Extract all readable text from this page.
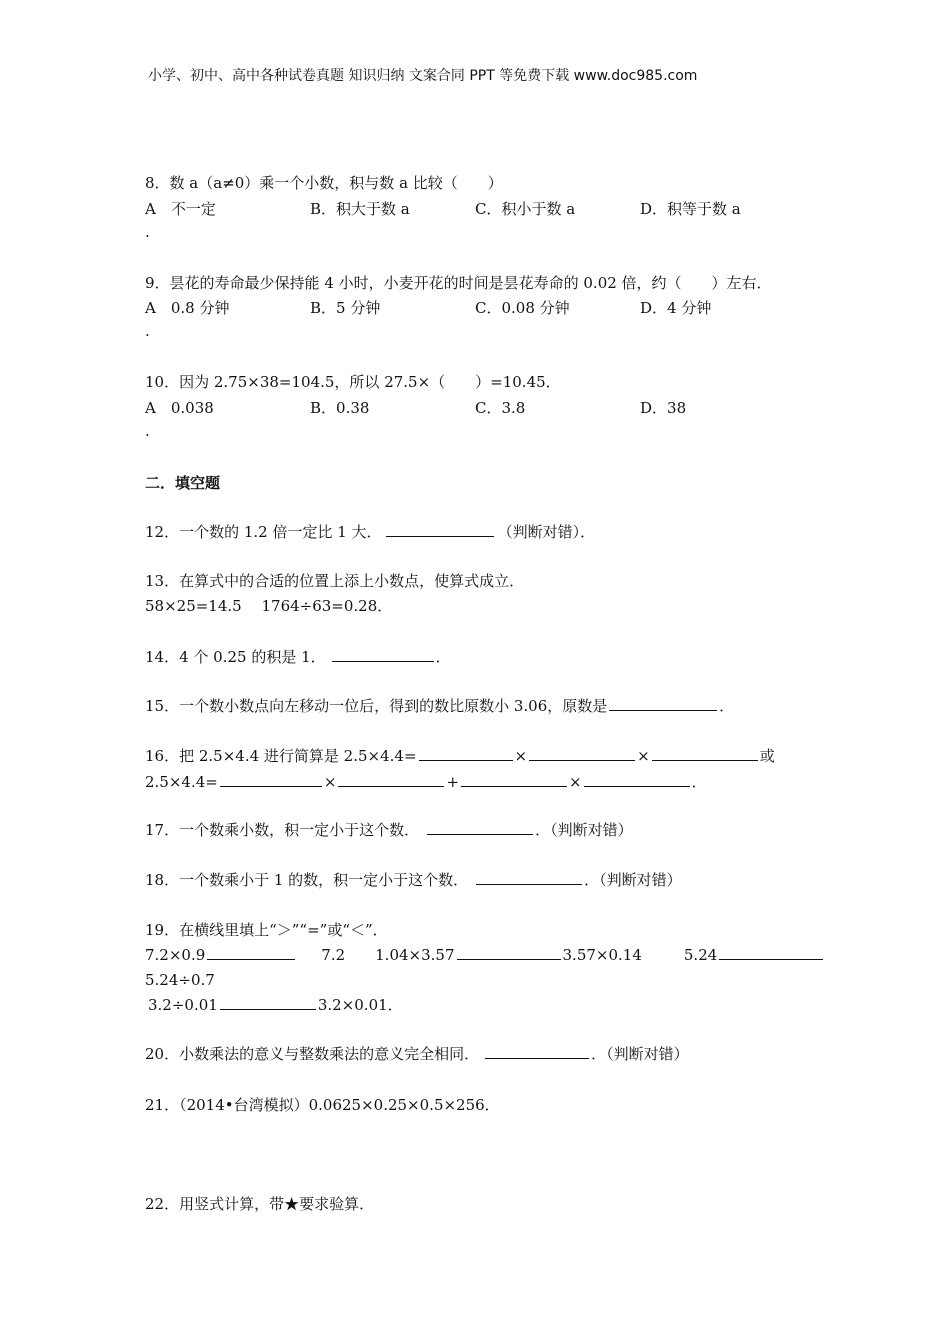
小学、初中、高中各种试卷真题 知识归纳 文案合同 PPT 等免费下载 www.doc985.com
8．数 a（a≠0）乘一个小数，积与数 a 比较（　　）
A　不一定	B．积大于数 a	C．积小于数 a	D．积等于数 a
.
9．昙花的寿命最少保持能 4 小时，小麦开花的时间是昙花寿命的 0.02 倍，约（　　）左右．
A　0.8 分钟	B．5 分钟	C．0.08 分钟	D．4 分钟
.
10．因为 2.75×38=104.5，所以 27.5×（　　）=10.45．
A　0.038	B．0.38	C．3.8	D．38
.
二．填空题
12．一个数的 1.2 倍一定比 1 大．	（判断对错）．
13．在算式中的合适的位置上添上小数点，使算式成立．
58×25=14.5　 1764÷63=0.28．
14．4 个 0.25 的积是 1．	．
15．一个数小数点向左移动一位后，得到的数比原数小 3.06，原数是	．
16．把 2.5×4.4 进行简算是 2.5×4.4=	×	×	或
2.5×4.4=	×	+	×	．
17．一个数乘小数，积一定小于这个数．	．（判断对错）
18．一个数乘小于 1 的数，积一定小于这个数．	．（判断对错）
19．在横线里填上“＞”“=”或“＜”．
7.2×0.9	7.2 1.04×3.57	3.57×0.14	5.24
5.24÷0.7
3.2÷0.01	3.2×0.01．
20．小数乘法的意义与整数乘法的意义完全相同．	．（判断对错）
21．（2014•台湾模拟）0.0625×0.25×0.5×256．
22．用竖式计算，带★要求验算．
